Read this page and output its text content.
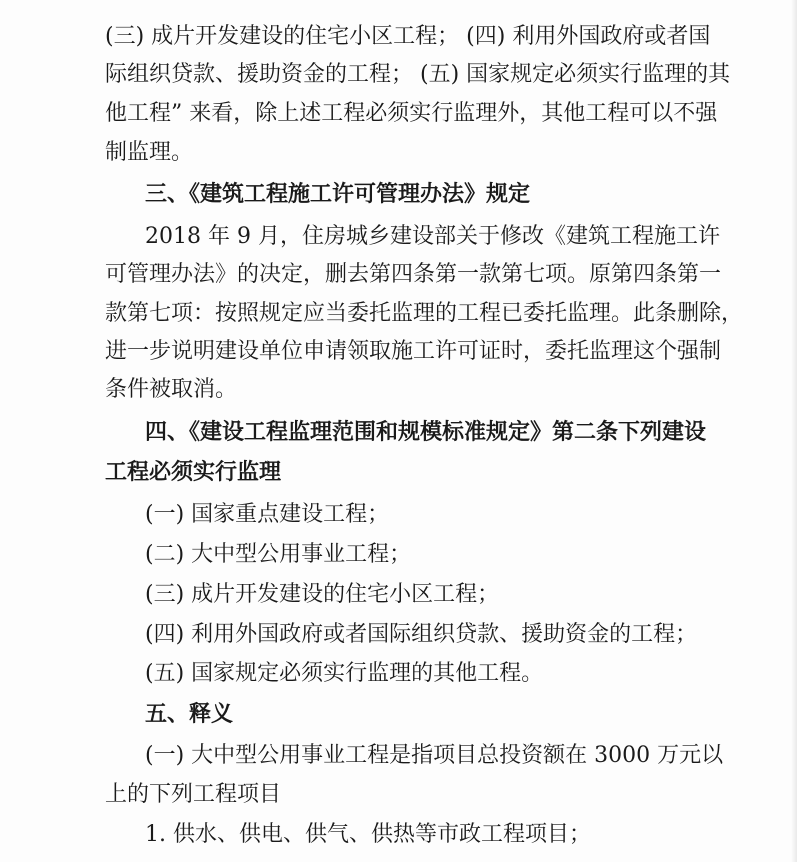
(三) 成片开发建设的住宅小区工程； (四) 利用外国政府或者国
际组织贷款、援助资金的工程； (五) 国家规定必须实行监理的其
他工程” 来看，除上述工程必须实行监理外，其他工程可以不强
制监理。
三、《建筑工程施工许可管理办法》规定
2018 年 9 月，住房城乡建设部关于修改《建筑工程施工许
可管理办法》的决定，删去第四条第一款第七项。原第四条第一
款第七项：按照规定应当委托监理的工程已委托监理。此条删除，
进一步说明建设单位申请领取施工许可证时，委托监理这个强制
条件被取消。
四、《建设工程监理范围和规模标准规定》第二条下列建设
工程必须实行监理
(一) 国家重点建设工程；
(二) 大中型公用事业工程；
(三) 成片开发建设的住宅小区工程；
(四) 利用外国政府或者国际组织贷款、援助资金的工程；
(五) 国家规定必须实行监理的其他工程。
五、释义
(一) 大中型公用事业工程是指项目总投资额在 3000 万元以
上的下列工程项目
1. 供水、供电、供气、供热等市政工程项目；
